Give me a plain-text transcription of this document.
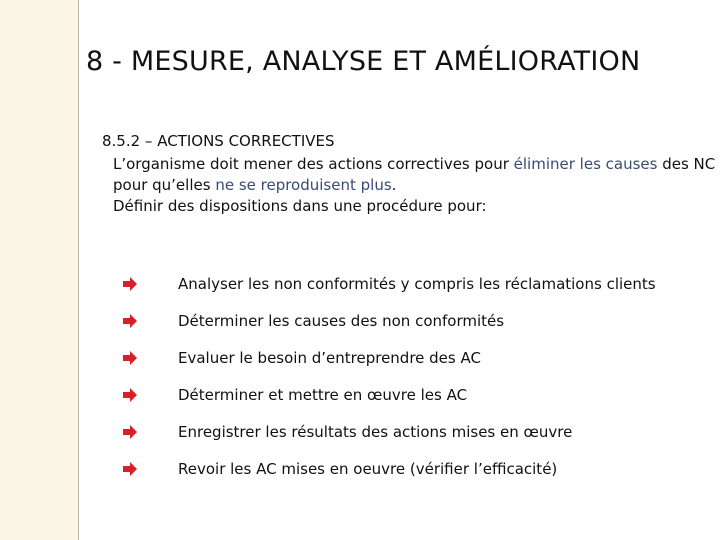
8 - MESURE, ANALYSE ET AMÉLIORATION
8.5.2 – ACTIONS CORRECTIVES
L’organisme doit mener des actions correctives pour éliminer les causes des NC
pour qu’elles ne se reproduisent plus.
Définir des dispositions dans une procédure pour:
Analyser les non conformités y compris les réclamations clients
Déterminer les causes des non conformités
Evaluer le besoin d’entreprendre des AC
Déterminer et mettre en œuvre les AC
Enregistrer les résultats des actions mises en œuvre
Revoir les AC mises en oeuvre (vérifier l’efficacité)
